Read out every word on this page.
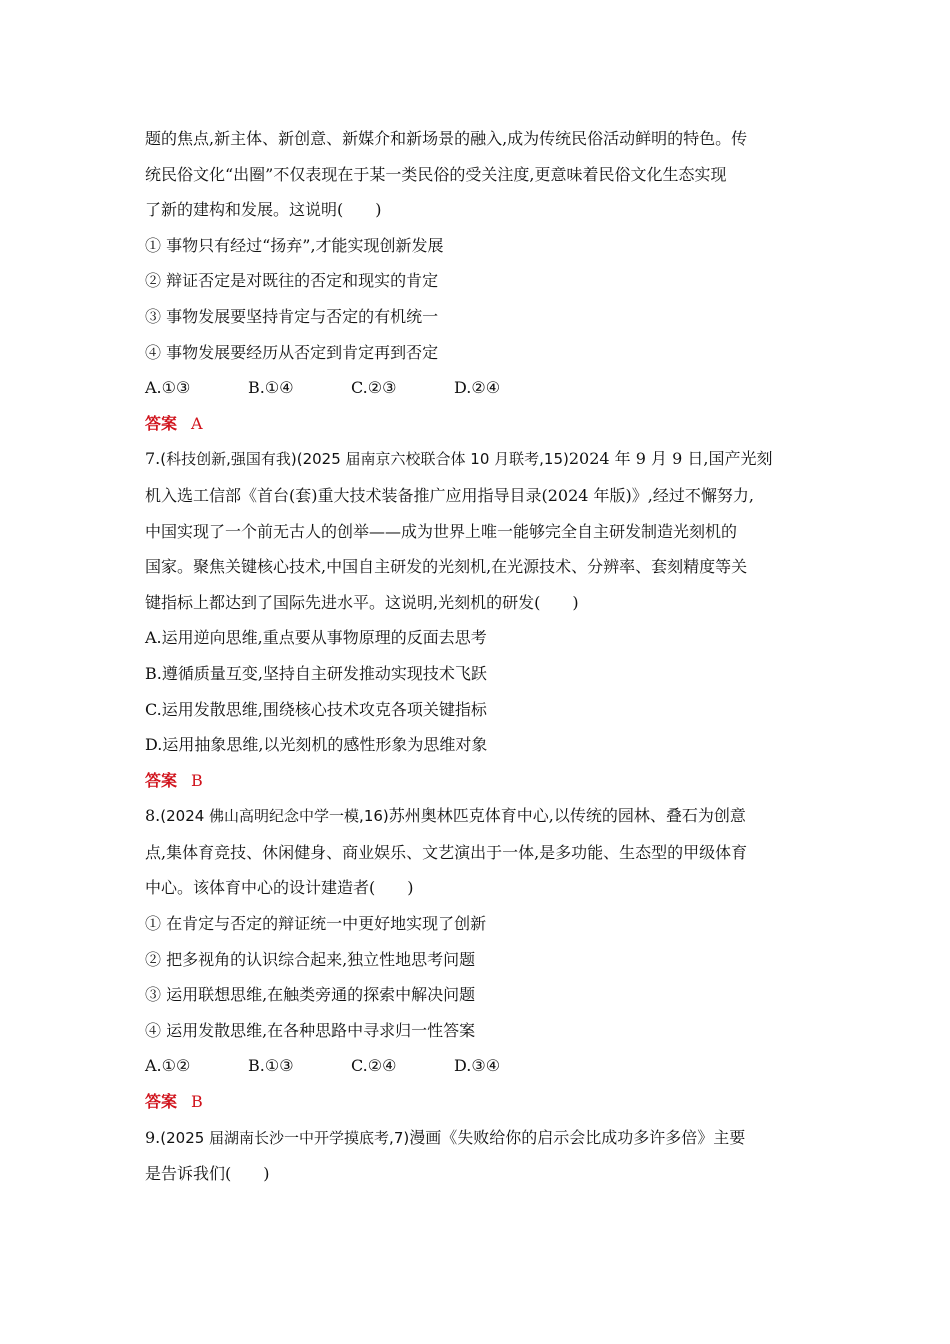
题的焦点,新主体、新创意、新媒介和新场景的融入,成为传统民俗活动鲜明的特色。传
统民俗文化“出圈”不仅表现在于某一类民俗的受关注度,更意味着民俗文化生态实现
了新的建构和发展。这说明(　　)
① 事物只有经过“扬弃”,才能实现创新发展
② 辩证否定是对既往的否定和现实的肯定
③ 事物发展要坚持肯定与否定的有机统一
④ 事物发展要经历从否定到肯定再到否定
A.①③	B.①④	C.②③	D.②④
答案 A
7.(科技创新,强国有我)(2025 届南京六校联合体 10 月联考,15)2024 年 9 月 9 日,国产光刻
机入选工信部《首台(套)重大技术装备推广应用指导目录(2024 年版)》,经过不懈努力,
中国实现了一个前无古人的创举——成为世界上唯一能够完全自主研发制造光刻机的
国家。聚焦关键核心技术,中国自主研发的光刻机,在光源技术、分辨率、套刻精度等关
键指标上都达到了国际先进水平。这说明,光刻机的研发(　　)
A.运用逆向思维,重点要从事物原理的反面去思考
B.遵循质量互变,坚持自主研发推动实现技术飞跃
C.运用发散思维,围绕核心技术攻克各项关键指标
D.运用抽象思维,以光刻机的感性形象为思维对象
答案 B
8.(2024 佛山高明纪念中学一模,16)苏州奥林匹克体育中心,以传统的园林、叠石为创意
点,集体育竞技、休闲健身、商业娱乐、文艺演出于一体,是多功能、生态型的甲级体育
中心。该体育中心的设计建造者(　　)
① 在肯定与否定的辩证统一中更好地实现了创新
② 把多视角的认识综合起来,独立性地思考问题
③ 运用联想思维,在触类旁通的探索中解决问题
④ 运用发散思维,在各种思路中寻求归一性答案
A.①②	B.①③	C.②④	D.③④
答案 B
9.(2025 届湖南长沙一中开学摸底考,7)漫画《失败给你的启示会比成功多许多倍》主要
是告诉我们(　　)
